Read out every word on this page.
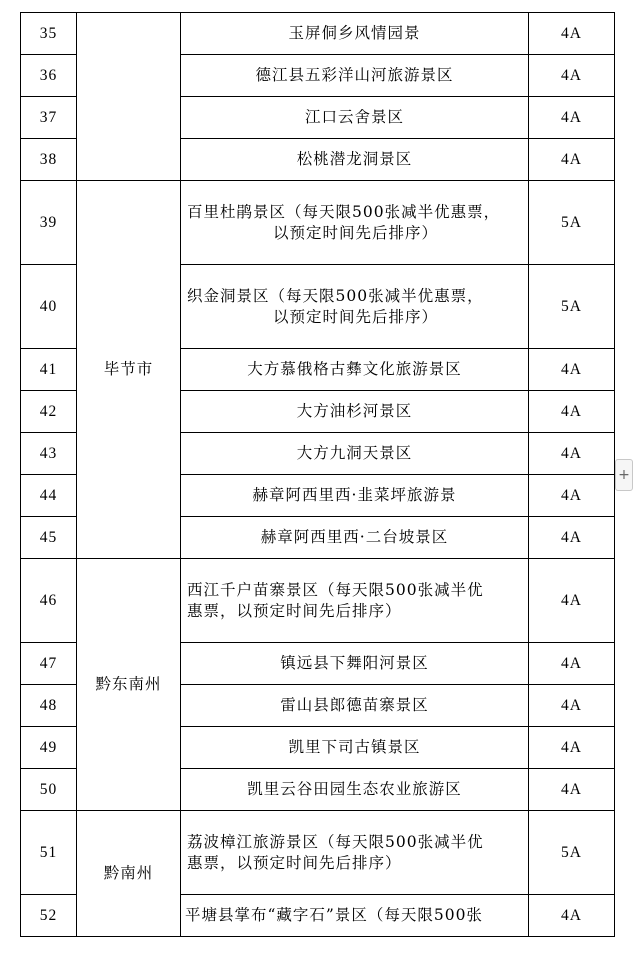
35		玉屏侗乡风情园景	4A
36		德江县五彩洋山河旅游景区	4A
37		江口云舍景区	4A
38		松桃潜龙洞景区	4A
39	毕节市	百里杜鹃景区（每天限500张减半优惠票，
以预定时间先后排序）	5A
40		织金洞景区（每天限500张减半优惠票，
以预定时间先后排序）	5A
41		大方慕俄格古彝文化旅游景区	4A
42		大方油杉河景区	4A
43		大方九洞天景区	4A
44		赫章阿西里西·韭菜坪旅游景	4A
45		赫章阿西里西·二台坡景区	4A
46	黔东南州	西江千户苗寨景区（每天限500张减半优
惠票，以预定时间先后排序）	4A
47		镇远县下舞阳河景区	4A
48		雷山县郎德苗寨景区	4A
49		凯里下司古镇景区	4A
50		凯里云谷田园生态农业旅游区	4A
51	黔南州	荔波樟江旅游景区（每天限500张减半优
惠票，以预定时间先后排序）	5A
52		平塘县掌布“藏字石”景区（每天限500张	4A
+
